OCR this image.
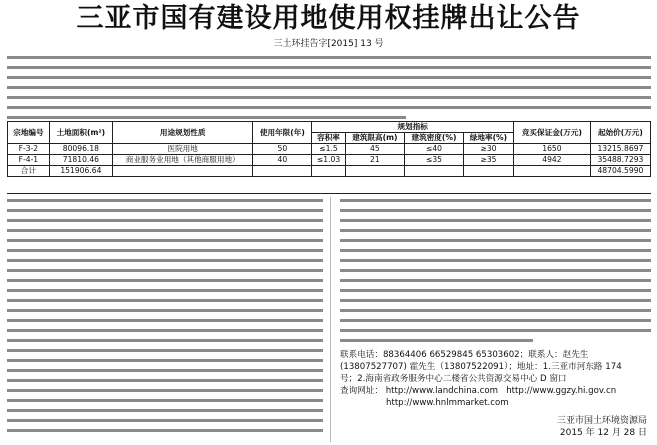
三亚市国有建设用地使用权挂牌出让公告
三土环挂告字[2015] 13 号
宗地编号	土地面积(m²)	用途规划性质	使用年限(年)	规划指标				竞买保证金(万元)	起始价(万元)
				容积率	建筑限高(m)	建筑密度(%)	绿地率(%)		
F-3-2	80096.18	医院用地	50	≤1.5	45	≤40	≥30	1650	13215.8697
F-4-1	71810.46	商业服务业用地（其他商服用地）	40	≤1.03	21	≤35	≥35	4942	35488.7293
合计	151906.64								48704.5990
联系电话：88364406 66529845 65303602；联系人：赵先生
(13807527707) 霍先生（13807522091）；地址：1.三亚市河东路 174
号；2.海南省政务服务中心二楼省公共资源交易中心 D 窗口
查询网址： http://www.landchina.com http://www.ggzy.hi.gov.cn
http://www.hnlmmarket.com
三亚市国土环境资源局
2015 年 12 月 28 日
